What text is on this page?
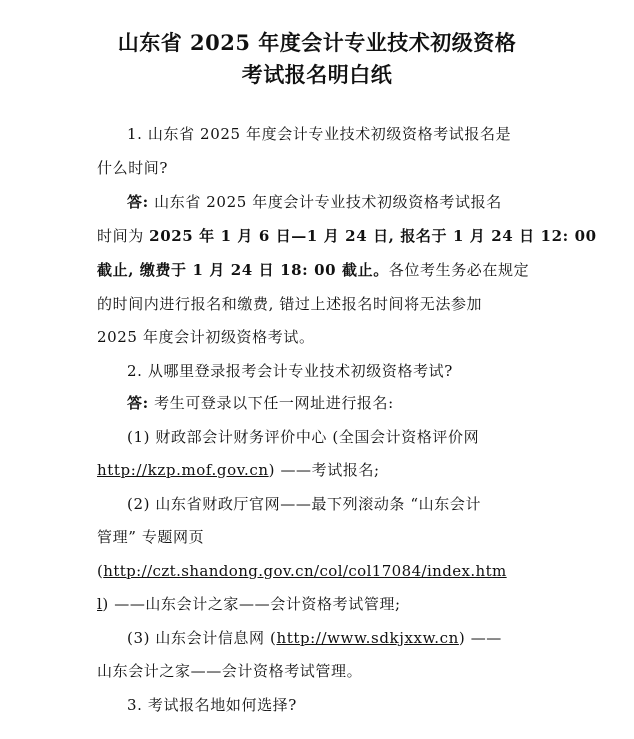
山东省 2025 年度会计专业技术初级资格
考试报名明白纸
1. 山东省 2025 年度会计专业技术初级资格考试报名是
什么时间?
答: 山东省 2025 年度会计专业技术初级资格考试报名
时间为 2025 年 1 月 6 日—1 月 24 日, 报名于 1 月 24 日 12: 00
截止, 缴费于 1 月 24 日 18: 00 截止。各位考生务必在规定
的时间内进行报名和缴费, 错过上述报名时间将无法参加
2025 年度会计初级资格考试。
2. 从哪里登录报考会计专业技术初级资格考试?
答: 考生可登录以下任一网址进行报名:
(1) 财政部会计财务评价中心 (全国会计资格评价网
http://kzp.mof.gov.cn) ——考试报名;
(2) 山东省财政厅官网——最下列滚动条 “山东会计
管理” 专题网页
(http://czt.shandong.gov.cn/col/col17084/index.htm
l) ——山东会计之家——会计资格考试管理;
(3) 山东会计信息网 (http://www.sdkjxxw.cn) ——
山东会计之家——会计资格考试管理。
3. 考试报名地如何选择?
